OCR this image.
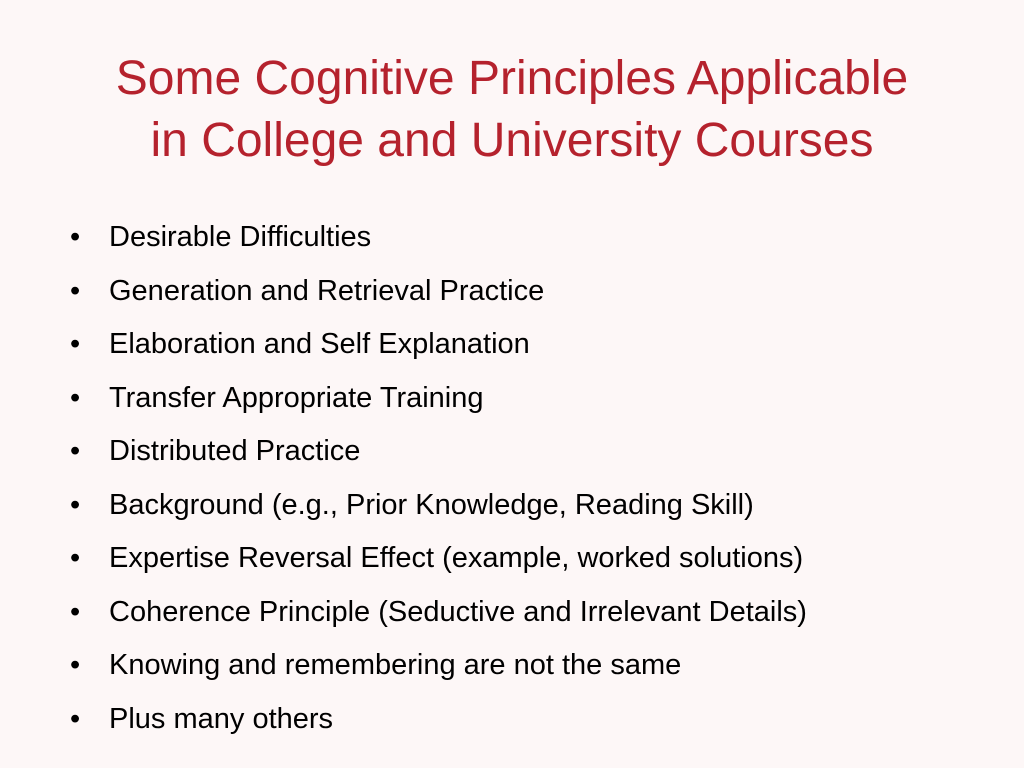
Some Cognitive Principles Applicable
in College and University Courses
• Desirable Difficulties
• Generation and Retrieval Practice
• Elaboration and Self Explanation
• Transfer Appropriate Training
• Distributed Practice
• Background (e.g., Prior Knowledge, Reading Skill)
• Expertise Reversal Effect (example, worked solutions)
• Coherence Principle (Seductive and Irrelevant Details)
• Knowing and remembering are not the same
• Plus many others
